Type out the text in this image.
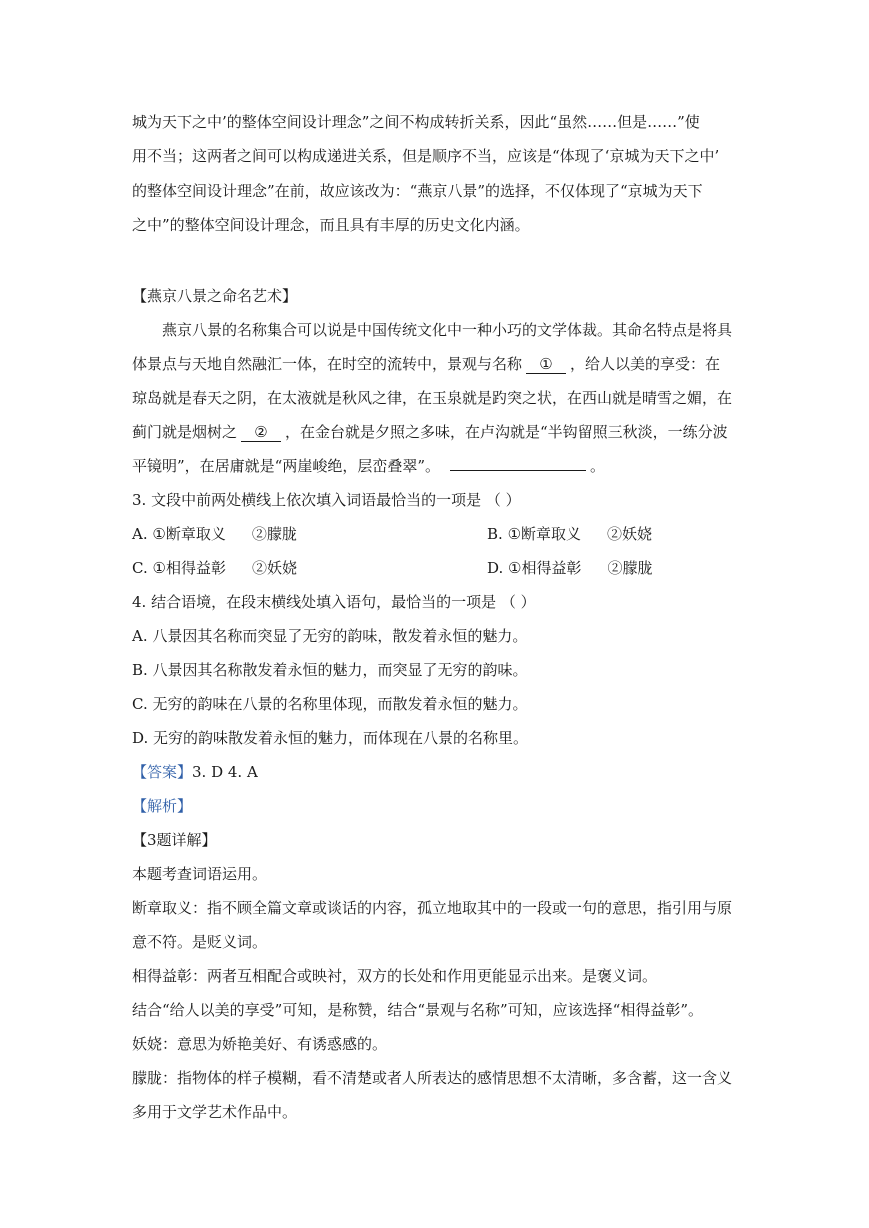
城为天下之中’的整体空间设计理念”之间不构成转折关系，因此“虽然……但是……”使
用不当；这两者之间可以构成递进关系，但是顺序不当，应该是“体现了‘京城为天下之中’
的整体空间设计理念”在前，故应该改为：“燕京八景”的选择，不仅体现了“京城为天下
之中”的整体空间设计理念，而且具有丰厚的历史文化内涵。
【燕京八景之命名艺术】
燕京八景的名称集合可以说是中国传统文化中一种小巧的文学体裁。其命名特点是将具
体景点与天地自然融汇一体，在时空的流转中，景观与名称 ① ，给人以美的享受：在
琼岛就是春天之阴，在太液就是秋风之律，在玉泉就是趵突之状，在西山就是晴雪之媚，在
蓟门就是烟树之 ② ，在金台就是夕照之多味，在卢沟就是“半钩留照三秋淡，一练分波
平镜明”，在居庸就是“两崖峻绝，层峦叠翠”。	。
3. 文段中前两处横线上依次填入词语最恰当的一项是 （ ）
A. ①断章取义 ②朦胧	B. ①断章取义 ②妖娆
C. ①相得益彰 ②妖娆	D. ①相得益彰 ②朦胧
4. 结合语境，在段末横线处填入语句，最恰当的一项是 （ ）
A. 八景因其名称而突显了无穷的韵味，散发着永恒的魅力。
B. 八景因其名称散发着永恒的魅力，而突显了无穷的韵味。
C. 无穷的韵味在八景的名称里体现，而散发着永恒的魅力。
D. 无穷的韵味散发着永恒的魅力，而体现在八景的名称里。
【答案】3. D 4. A
【解析】
【3题详解】
本题考查词语运用。
断章取义：指不顾全篇文章或谈话的内容，孤立地取其中的一段或一句的意思，指引用与原
意不符。是贬义词。
相得益彰：两者互相配合或映衬，双方的长处和作用更能显示出来。是褒义词。
结合“给人以美的享受”可知，是称赞，结合“景观与名称”可知，应该选择“相得益彰”。
妖娆：意思为娇艳美好、有诱惑感的。
朦胧：指物体的样子模糊，看不清楚或者人所表达的感情思想不太清晰，多含蓄，这一含义
多用于文学艺术作品中。
